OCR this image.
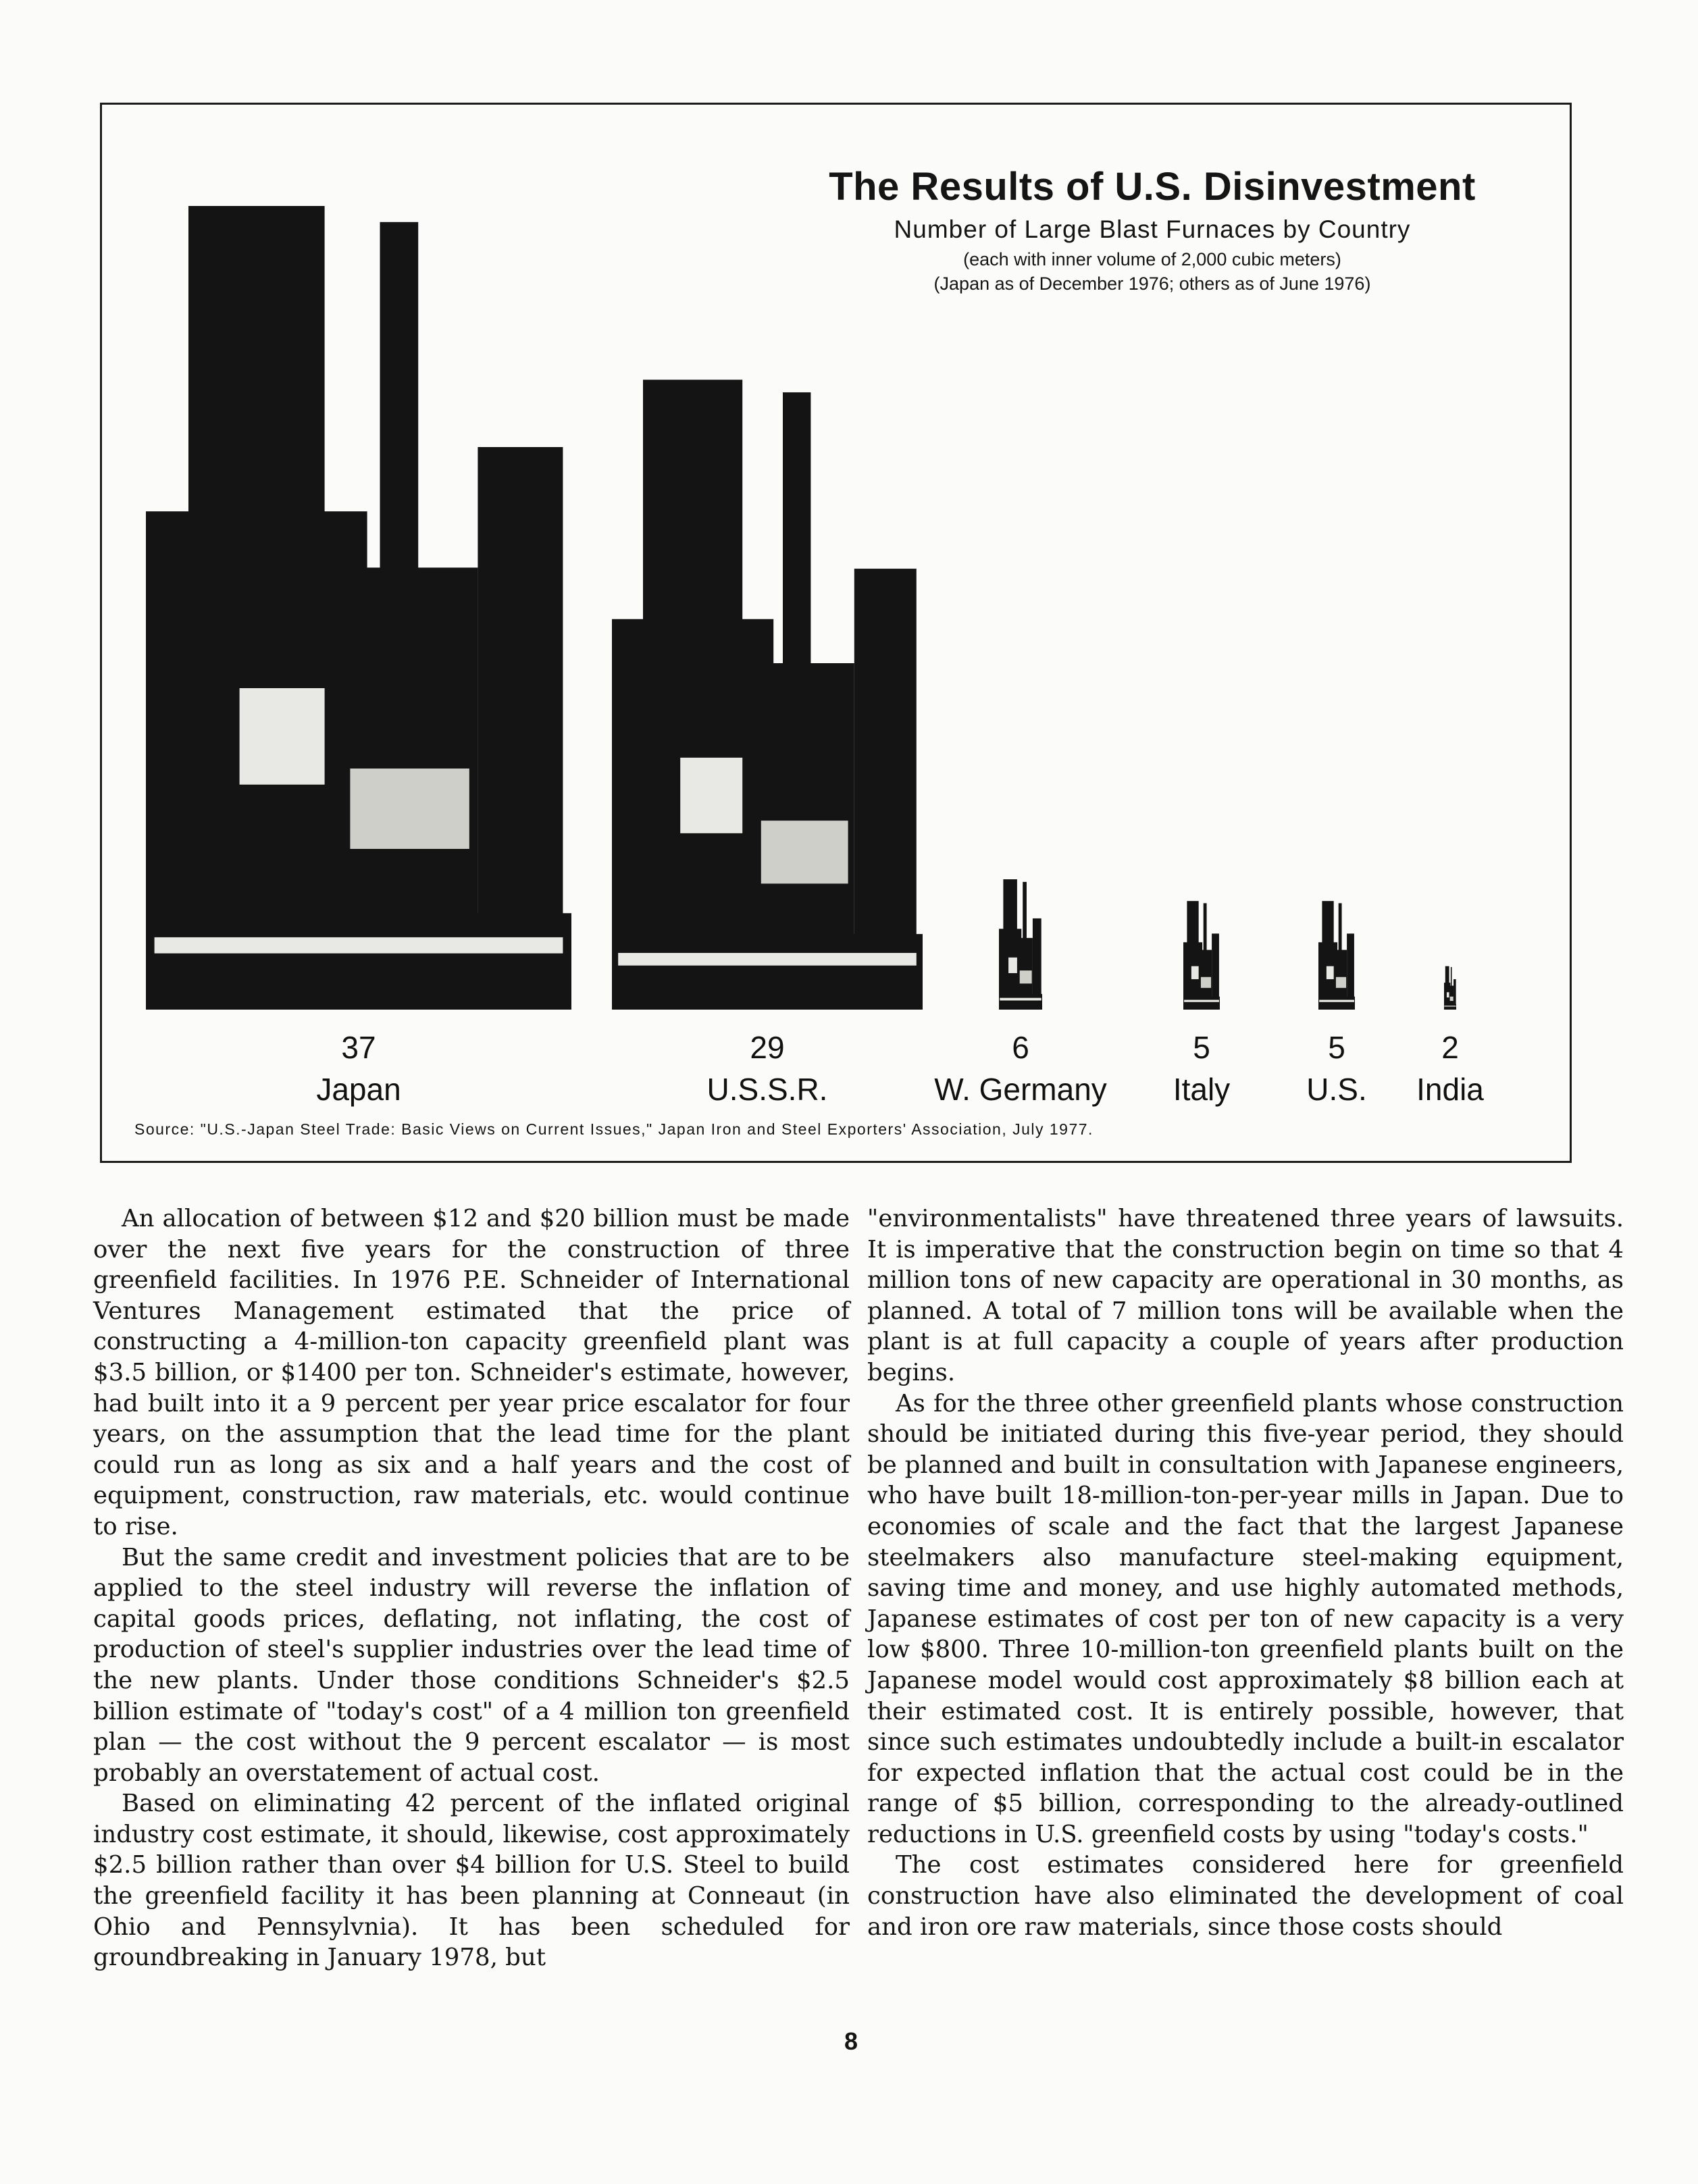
The Results of U.S. Disinvestment
Number of Large Blast Furnaces by Country
(each with inner volume of 2,000 cubic meters)
(Japan as of December 1976; others as of June 1976)
37
Japan
29
U.S.S.R.
6
W. Germany
5
Italy
5
U.S.
2
India
Source: "U.S.-Japan Steel Trade: Basic Views on Current Issues," Japan Iron and Steel Exporters' Association, July 1977.

An allocation of between $12 and $20 billion must be made over the next five years for the construction of three greenfield facilities. In 1976 P.E. Schneider of International Ventures Management estimated that the price of constructing a 4-million-ton capacity greenfield plant was $3.5 billion, or $1400 per ton. Schneider's estimate, however, had built into it a 9 percent per year price escalator for four years, on the assumption that the lead time for the plant could run as long as six and a half years and the cost of equipment, construction, raw materials, etc. would continue to rise.

But the same credit and investment policies that are to be applied to the steel industry will reverse the inflation of capital goods prices, deflating, not inflating, the cost of production of steel's supplier industries over the lead time of the new plants. Under those conditions Schneider's $2.5 billion estimate of "today's cost" of a 4 million ton greenfield plan — the cost without the 9 percent escalator — is most probably an overstatement of actual cost.

Based on eliminating 42 percent of the inflated original industry cost estimate, it should, likewise, cost approximately $2.5 billion rather than over $4 billion for U.S. Steel to build the greenfield facility it has been planning at Conneaut (in Ohio and Pennsylvnia). It has been scheduled for groundbreaking in January 1978, but

"environmentalists" have threatened three years of lawsuits. It is imperative that the construction begin on time so that 4 million tons of new capacity are operational in 30 months, as planned. A total of 7 million tons will be available when the plant is at full capacity a couple of years after production begins.

As for the three other greenfield plants whose construction should be initiated during this five-year period, they should be planned and built in consultation with Japanese engineers, who have built 18-million-ton-per-year mills in Japan. Due to economies of scale and the fact that the largest Japanese steelmakers also manufacture steel-making equipment, saving time and money, and use highly automated methods, Japanese estimates of cost per ton of new capacity is a very low $800. Three 10-million-ton greenfield plants built on the Japanese model would cost approximately $8 billion each at their estimated cost. It is entirely possible, however, that since such estimates undoubtedly include a built-in escalator for expected inflation that the actual cost could be in the range of $5 billion, corresponding to the already-outlined reductions in U.S. greenfield costs by using "today's costs."

The cost estimates considered here for greenfield construction have also eliminated the development of coal and iron ore raw materials, since those costs should

8
